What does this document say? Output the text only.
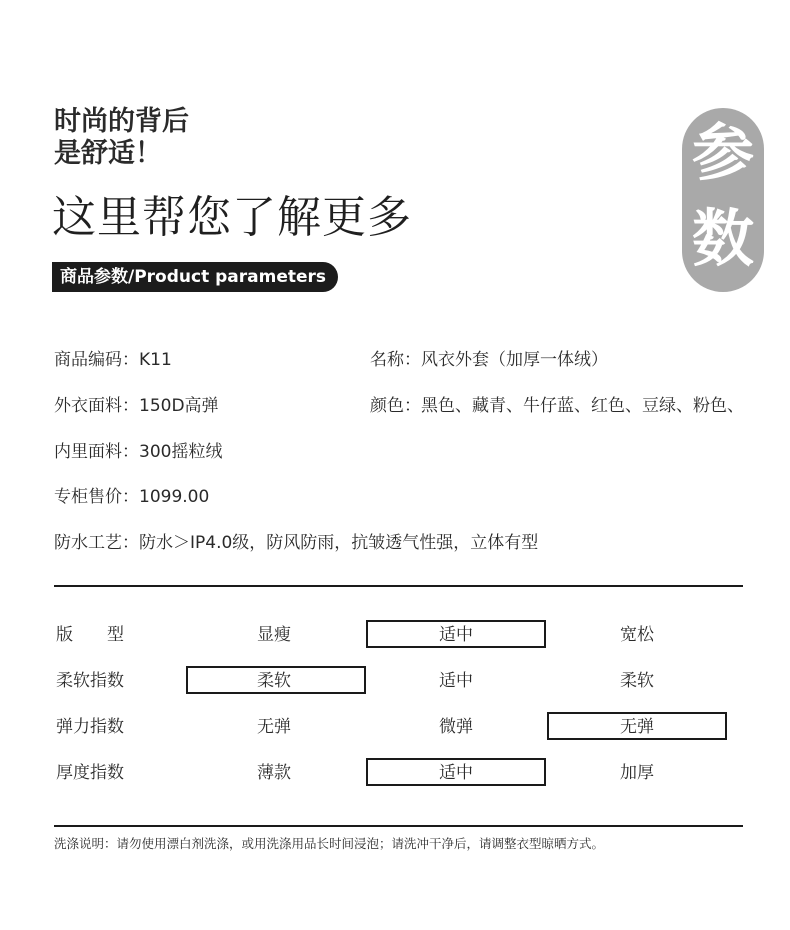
时尚的背后
是舒适！
这里帮您了解更多
商品参数/Product parameters
参
数
商品编码：K11	名称：风衣外套（加厚一体绒）
外衣面料：150D高弹	颜色：黑色、藏青、牛仔蓝、红色、豆绿、粉色、
内里面料：300摇粒绒
专柜售价：1099.00
防水工艺：防水＞IP4.0级，防风防雨，抗皱透气性强，立体有型
版　　型	显瘦	适中	宽松
柔软指数	柔软	适中	柔软
弹力指数	无弹	微弹	无弹
厚度指数	薄款	适中	加厚
洗涤说明：请勿使用漂白剂洗涤，或用洗涤用品长时间浸泡；请洗冲干净后，请调整衣型晾晒方式。
